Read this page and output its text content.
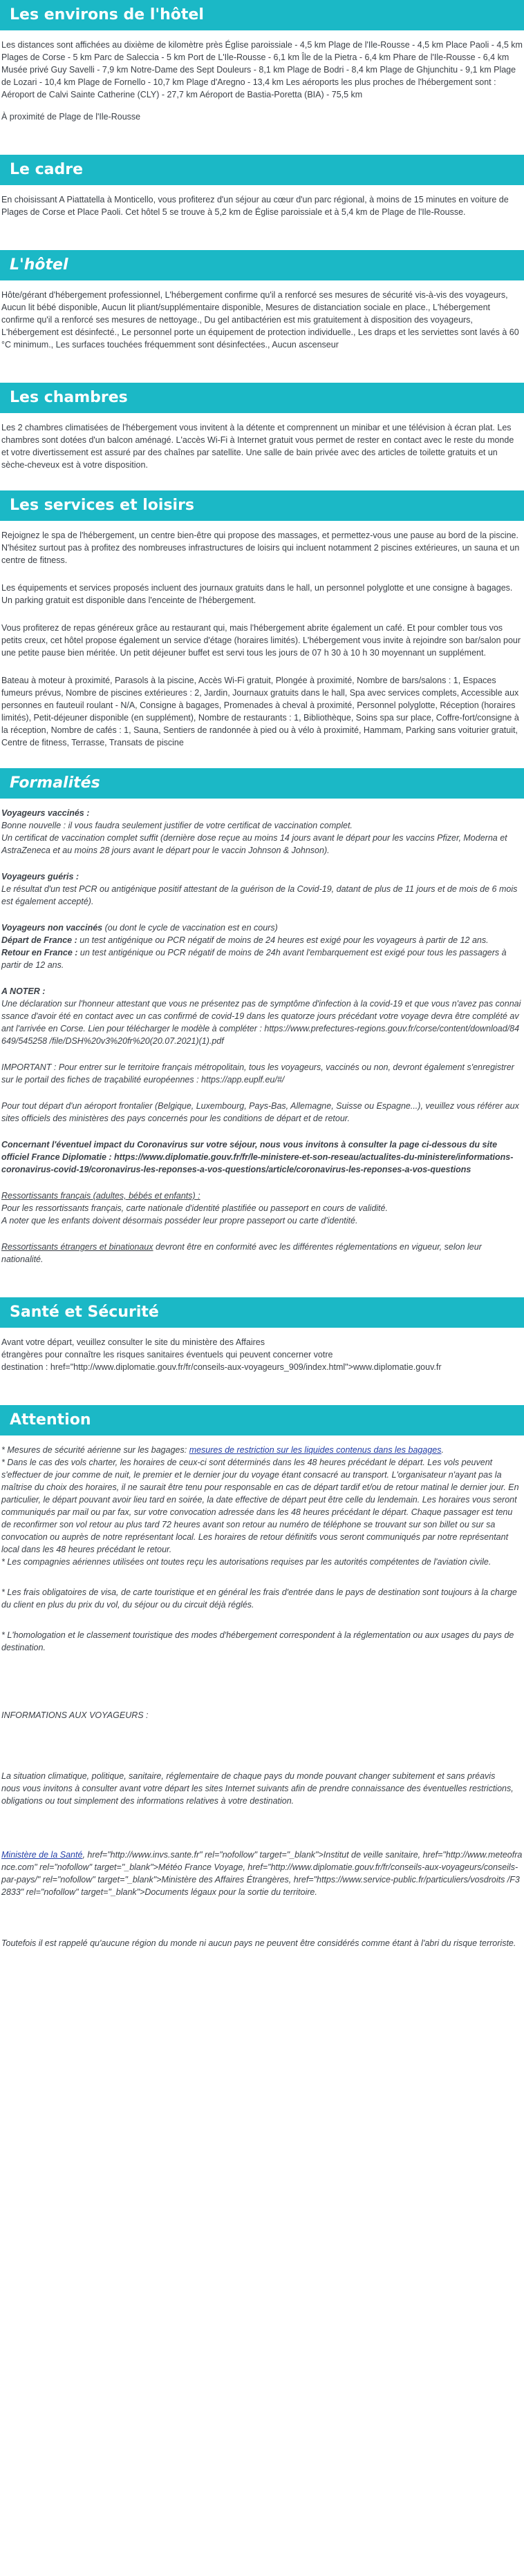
Les environs de l'hôtel

Les distances sont affichées au dixième de kilomètre près Église paroissiale - 4,5 km Plage de l'Ile-Rousse - 4,5 km Place Paoli - 4,5 km Plages de Corse - 5 km Parc de Saleccia - 5 km Port de L'Ile-Rousse - 6,1 km Île de la Pietra - 6,4 km Phare de l'Ile-Rousse - 6,4 km Musée privé Guy Savelli - 7,9 km Notre-Dame des Sept Douleurs - 8,1 km Plage de Bodri - 8,4 km Plage de Ghjunchitu - 9,1 km Plage de Lozari - 10,4 km Plage de Fornello - 10,7 km Plage d'Aregno - 13,4 km Les aéroports les plus proches de l'hébergement sont : Aéroport de Calvi Sainte Catherine (CLY) - 27,7 km Aéroport de Bastia-Poretta (BIA) - 75,5 km

À proximité de Plage de l'Ile-Rousse

Le cadre

En choisissant A Piattatella à Monticello, vous profiterez d'un séjour au cœur d'un parc régional, à moins de 15 minutes en voiture de Plages de Corse et Place Paoli. Cet hôtel 5 se trouve à 5,2 km de Église paroissiale et à 5,4 km de Plage de l'Ile-Rousse.

L'hôtel

Hôte/gérant d'hébergement professionnel, L'hébergement confirme qu'il a renforcé ses mesures de sécurité vis-à-vis des voyageurs, Aucun lit bébé disponible, Aucun lit pliant/supplémentaire disponible, Mesures de distanciation sociale en place., L'hébergement confirme qu'il a renforcé ses mesures de nettoyage., Du gel antibactérien est mis gratuitement à disposition des voyageurs, L'hébergement est désinfecté., Le personnel porte un équipement de protection individuelle., Les draps et les serviettes sont lavés à 60 °C minimum., Les surfaces touchées fréquemment sont désinfectées., Aucun ascenseur

Les chambres

Les 2 chambres climatisées de l'hébergement vous invitent à la détente et comprennent un minibar et une télévision à écran plat. Les chambres sont dotées d'un balcon aménagé. L'accès Wi-Fi à Internet gratuit vous permet de rester en contact avec le reste du monde et votre divertissement est assuré par des chaînes par satellite. Une salle de bain privée avec des articles de toilette gratuits et un sèche-cheveux est à votre disposition.

Les services et loisirs

Rejoignez le spa de l'hébergement, un centre bien-être qui propose des massages, et permettez-vous une pause au bord de la piscine. N'hésitez surtout pas à profitez des nombreuses infrastructures de loisirs qui incluent notamment 2 piscines extérieures, un sauna et un centre de fitness.

Les équipements et services proposés incluent des journaux gratuits dans le hall, un personnel polyglotte et une consigne à bagages. Un parking gratuit est disponible dans l'enceinte de l'hébergement.

Vous profiterez de repas généreux grâce au restaurant qui, mais l'hébergement abrite également un café. Et pour combler tous vos petits creux, cet hôtel propose également un service d'étage (horaires limités). L'hébergement vous invite à rejoindre son bar/salon pour une petite pause bien méritée. Un petit déjeuner buffet est servi tous les jours de 07 h 30 à 10 h 30 moyennant un supplément.

Bateau à moteur à proximité, Parasols à la piscine, Accès Wi-Fi gratuit, Plongée à proximité, Nombre de bars/salons : 1, Espaces fumeurs prévus, Nombre de piscines extérieures : 2, Jardin, Journaux gratuits dans le hall, Spa avec services complets, Accessible aux personnes en fauteuil roulant - N/A, Consigne à bagages, Promenades à cheval à proximité, Personnel polyglotte, Réception (horaires limités), Petit-déjeuner disponible (en supplément), Nombre de restaurants : 1, Bibliothèque, Soins spa sur place, Coffre-fort/consigne à la réception, Nombre de cafés : 1, Sauna, Sentiers de randonnée à pied ou à vélo à proximité, Hammam, Parking sans voiturier gratuit, Centre de fitness, Terrasse, Transats de piscine

Formalités

Voyageurs vaccinés :
Bonne nouvelle : il vous faudra seulement justifier de votre certificat de vaccination complet.
Un certificat de vaccination complet suffit (dernière dose reçue au moins 14 jours avant le départ pour les vaccins Pfizer, Moderna et AstraZeneca et au moins 28 jours avant le départ pour le vaccin Johnson & Johnson).

Voyageurs guéris :
Le résultat d'un test PCR ou antigénique positif attestant de la guérison de la Covid-19, datant de plus de 11 jours et de mois de 6 mois est également accepté).

Voyageurs non vaccinés (ou dont le cycle de vaccination est en cours)
Départ de France : un test antigénique ou PCR négatif de moins de 24 heures est exigé pour les voyageurs à partir de 12 ans.
Retour en France : un test antigénique ou PCR négatif de moins de 24h avant l'embarquement est exigé pour tous les passagers à partir de 12 ans.

A NOTER :
Une déclaration sur l'honneur attestant que vous ne présentez pas de symptôme d'infection à la covid-19 et que vous n'avez pas connaissance d'avoir été en contact avec un cas confirmé de covid-19 dans les quatorze jours précédant votre voyage devra être complété avant l'arrivée en Corse. Lien pour télécharger le modèle à compléter : https://www.prefectures-regions.gouv.fr/corse/content/download/84649/545258 /file/DSH%20v3%20fr%20(20.07.2021)(1).pdf

IMPORTANT : Pour entrer sur le territoire français métropolitain, tous les voyageurs, vaccinés ou non, devront également s'enregistrer sur le portail des fiches de traçabilité européennes : https://app.euplf.eu/#/

Pour tout départ d'un aéroport frontalier (Belgique, Luxembourg, Pays-Bas, Allemagne, Suisse ou Espagne...), veuillez vous référer aux sites officiels des ministères des pays concernés pour les conditions de départ et de retour.

Concernant l'éventuel impact du Coronavirus sur votre séjour, nous vous invitons à consulter la page ci-dessous du site officiel France Diplomatie : https://www.diplomatie.gouv.fr/fr/le-ministere-et-son-reseau/actualites-du-ministere/informations-coronavirus-covid-19/coronavirus-les-reponses-a-vos-questions/article/coronavirus-les-reponses-a-vos-questions

Ressortissants français (adultes, bébés et enfants) :
Pour les ressortissants français, carte nationale d'identité plastifiée ou passeport en cours de validité.
A noter que les enfants doivent désormais posséder leur propre passeport ou carte d'identité.

Ressortissants étrangers et binationaux devront être en conformité avec les différentes réglementations en vigueur, selon leur nationalité.

Santé et Sécurité

Avant votre départ, veuillez consulter le site du ministère des Affaires
étrangères pour connaître les risques sanitaires éventuels qui peuvent concerner votre
destination : href="http://www.diplomatie.gouv.fr/fr/conseils-aux-voyageurs_909/index.html">www.diplomatie.gouv.fr

Attention

* Mesures de sécurité aérienne sur les bagages: mesures de restriction sur les liquides contenus dans les bagages.

* Dans le cas des vols charter, les horaires de ceux-ci sont déterminés dans les 48 heures précédant le départ. Les vols peuvent s'effectuer de jour comme de nuit, le premier et le dernier jour du voyage étant consacré au transport. L'organisateur n'ayant pas la maîtrise du choix des horaires, il ne saurait être tenu pour responsable en cas de départ tardif et/ou de retour matinal le dernier jour. En particulier, le départ pouvant avoir lieu tard en soirée, la date effective de départ peut être celle du lendemain. Les horaires vous seront communiqués par mail ou par fax, sur votre convocation adressée dans les 48 heures précédant le départ. Chaque passager est tenu de reconfirmer son vol retour au plus tard 72 heures avant son retour au numéro de téléphone se trouvant sur son billet ou sur sa convocation ou auprès de notre représentant local. Les horaires de retour définitifs vous seront communiqués par notre représentant local dans les 48 heures précédant le retour.

* Les compagnies aériennes utilisées ont toutes reçu les autorisations requises par les autorités compétentes de l'aviation civile.

* Les frais obligatoires de visa, de carte touristique et en général les frais d'entrée dans le pays de destination sont toujours à la charge du client en plus du prix du vol, du séjour ou du circuit déjà réglés.

* L'homologation et le classement touristique des modes d'hébergement correspondent à la réglementation ou aux usages du pays de destination.

INFORMATIONS AUX VOYAGEURS :

La situation climatique, politique, sanitaire, réglementaire de chaque pays du monde pouvant changer subitement et sans préavis
nous vous invitons à consulter avant votre départ les sites Internet suivants afin de prendre connaissance des éventuelles restrictions, obligations ou tout simplement des informations relatives à votre destination.

Ministère de la Santé, href="http://www.invs.sante.fr" rel="nofollow" target="_blank">Institut de veille sanitaire, href="http://www.meteofrance.com" rel="nofollow" target="_blank">Météo France Voyage, href="http://www.diplomatie.gouv.fr/fr/conseils-aux-voyageurs/conseils-par-pays/" rel="nofollow" target="_blank">Ministère des Affaires Étrangères, href="https://www.service-public.fr/particuliers/vosdroits /F32833" rel="nofollow" target="_blank">Documents légaux pour la sortie du territoire.

Toutefois il est rappelé qu'aucune région du monde ni aucun pays ne peuvent être considérés comme étant à l'abri du risque terroriste.
